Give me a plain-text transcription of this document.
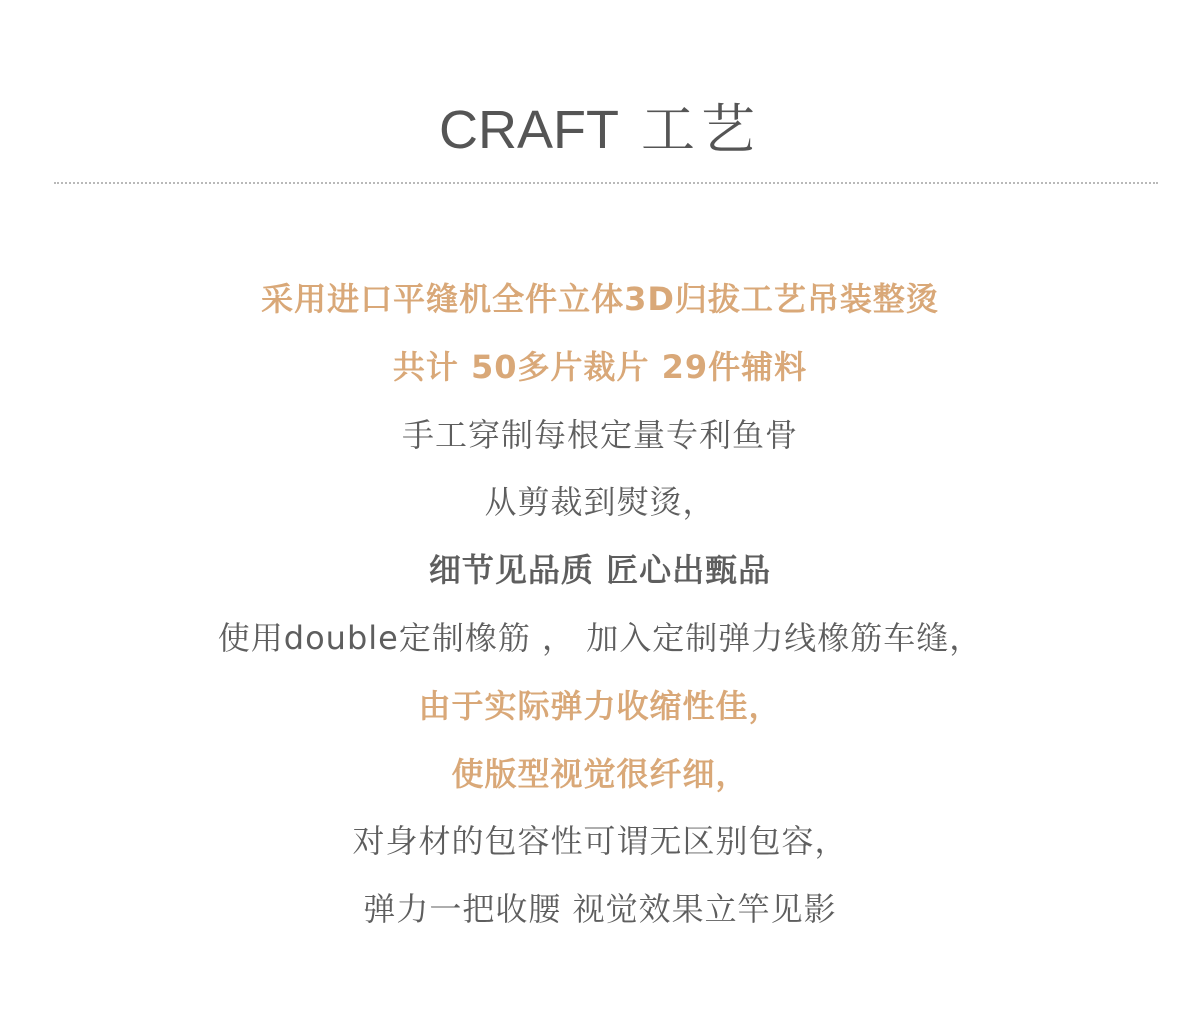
CRAFT 工艺
采用进口平缝机全件立体3D归拔工艺吊装整烫
共计 50多片裁片 29件辅料
手工穿制每根定量专利鱼骨
从剪裁到熨烫，
细节见品质 匠心出甄品
使用double定制橡筋 ， 加入定制弹力线橡筋车缝，
由于实际弹力收缩性佳，
使版型视觉很纤细，
对身材的包容性可谓无区别包容，
弹力一把收腰 视觉效果立竿见影
